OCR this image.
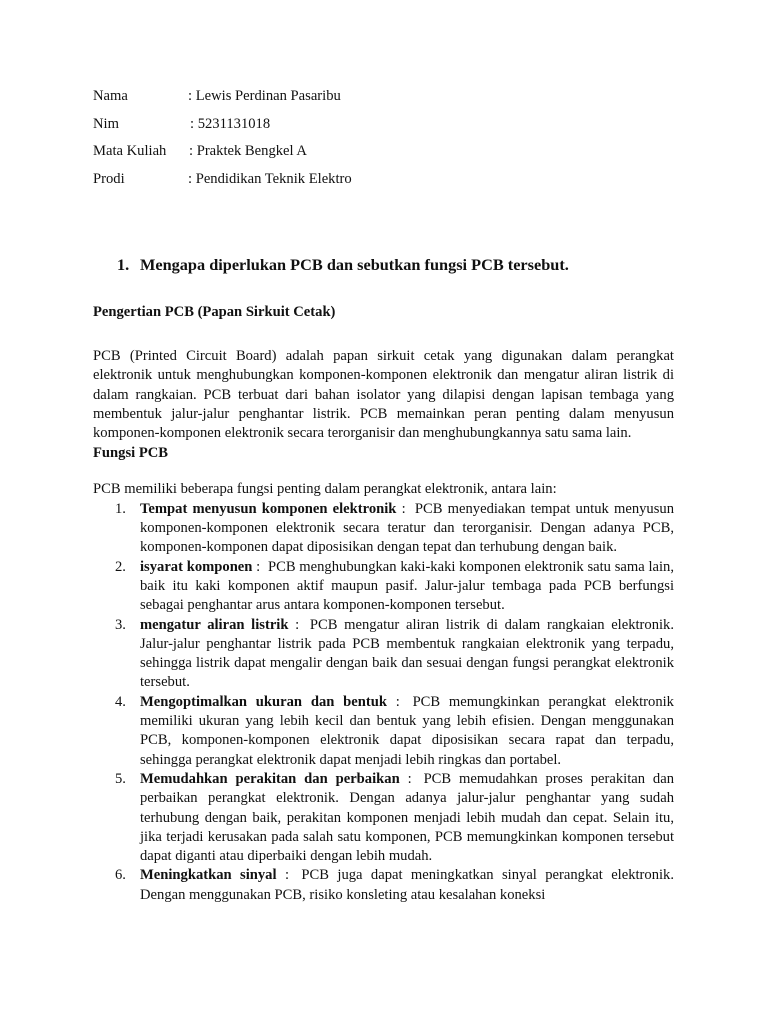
Nama	: Lewis Perdinan Pasaribu
Nim	: 5231131018
Mata Kuliah : Praktek Bengkel A
Prodi	: Pendidikan Teknik Elektro
1. Mengapa diperlukan PCB dan sebutkan fungsi PCB tersebut.

Pengertian PCB (Papan Sirkuit Cetak)

PCB (Printed Circuit Board) adalah papan sirkuit cetak yang digunakan dalam perangkat elektronik untuk menghubungkan komponen-komponen elektronik dan mengatur aliran listrik di dalam rangkaian. PCB terbuat dari bahan isolator yang dilapisi dengan lapisan tembaga yang membentuk jalur-jalur penghantar listrik. PCB memainkan peran penting dalam menyusun komponen-komponen elektronik secara terorganisir dan menghubungkannya satu sama lain.

Fungsi PCB

PCB memiliki beberapa fungsi penting dalam perangkat elektronik, antara lain:

1. Tempat menyusun komponen elektronik : PCB menyediakan tempat untuk menyusun komponen-komponen elektronik secara teratur dan terorganisir. Dengan adanya PCB, komponen-komponen dapat diposisikan dengan tepat dan terhubung dengan baik.
2. isyarat komponen : PCB menghubungkan kaki-kaki komponen elektronik satu sama lain, baik itu kaki komponen aktif maupun pasif. Jalur-jalur tembaga pada PCB berfungsi sebagai penghantar arus antara komponen-komponen tersebut.
3. mengatur aliran listrik : PCB mengatur aliran listrik di dalam rangkaian elektronik. Jalur-jalur penghantar listrik pada PCB membentuk rangkaian elektronik yang terpadu, sehingga listrik dapat mengalir dengan baik dan sesuai dengan fungsi perangkat elektronik tersebut.
4. Mengoptimalkan ukuran dan bentuk : PCB memungkinkan perangkat elektronik memiliki ukuran yang lebih kecil dan bentuk yang lebih efisien. Dengan menggunakan PCB, komponen-komponen elektronik dapat diposisikan secara rapat dan terpadu, sehingga perangkat elektronik dapat menjadi lebih ringkas dan portabel.
5. Memudahkan perakitan dan perbaikan : PCB memudahkan proses perakitan dan perbaikan perangkat elektronik. Dengan adanya jalur-jalur penghantar yang sudah terhubung dengan baik, perakitan komponen menjadi lebih mudah dan cepat. Selain itu, jika terjadi kerusakan pada salah satu komponen, PCB memungkinkan komponen tersebut dapat diganti atau diperbaiki dengan lebih mudah.
6. Meningkatkan sinyal : PCB juga dapat meningkatkan sinyal perangkat elektronik. Dengan menggunakan PCB, risiko konsleting atau kesalahan koneksi
